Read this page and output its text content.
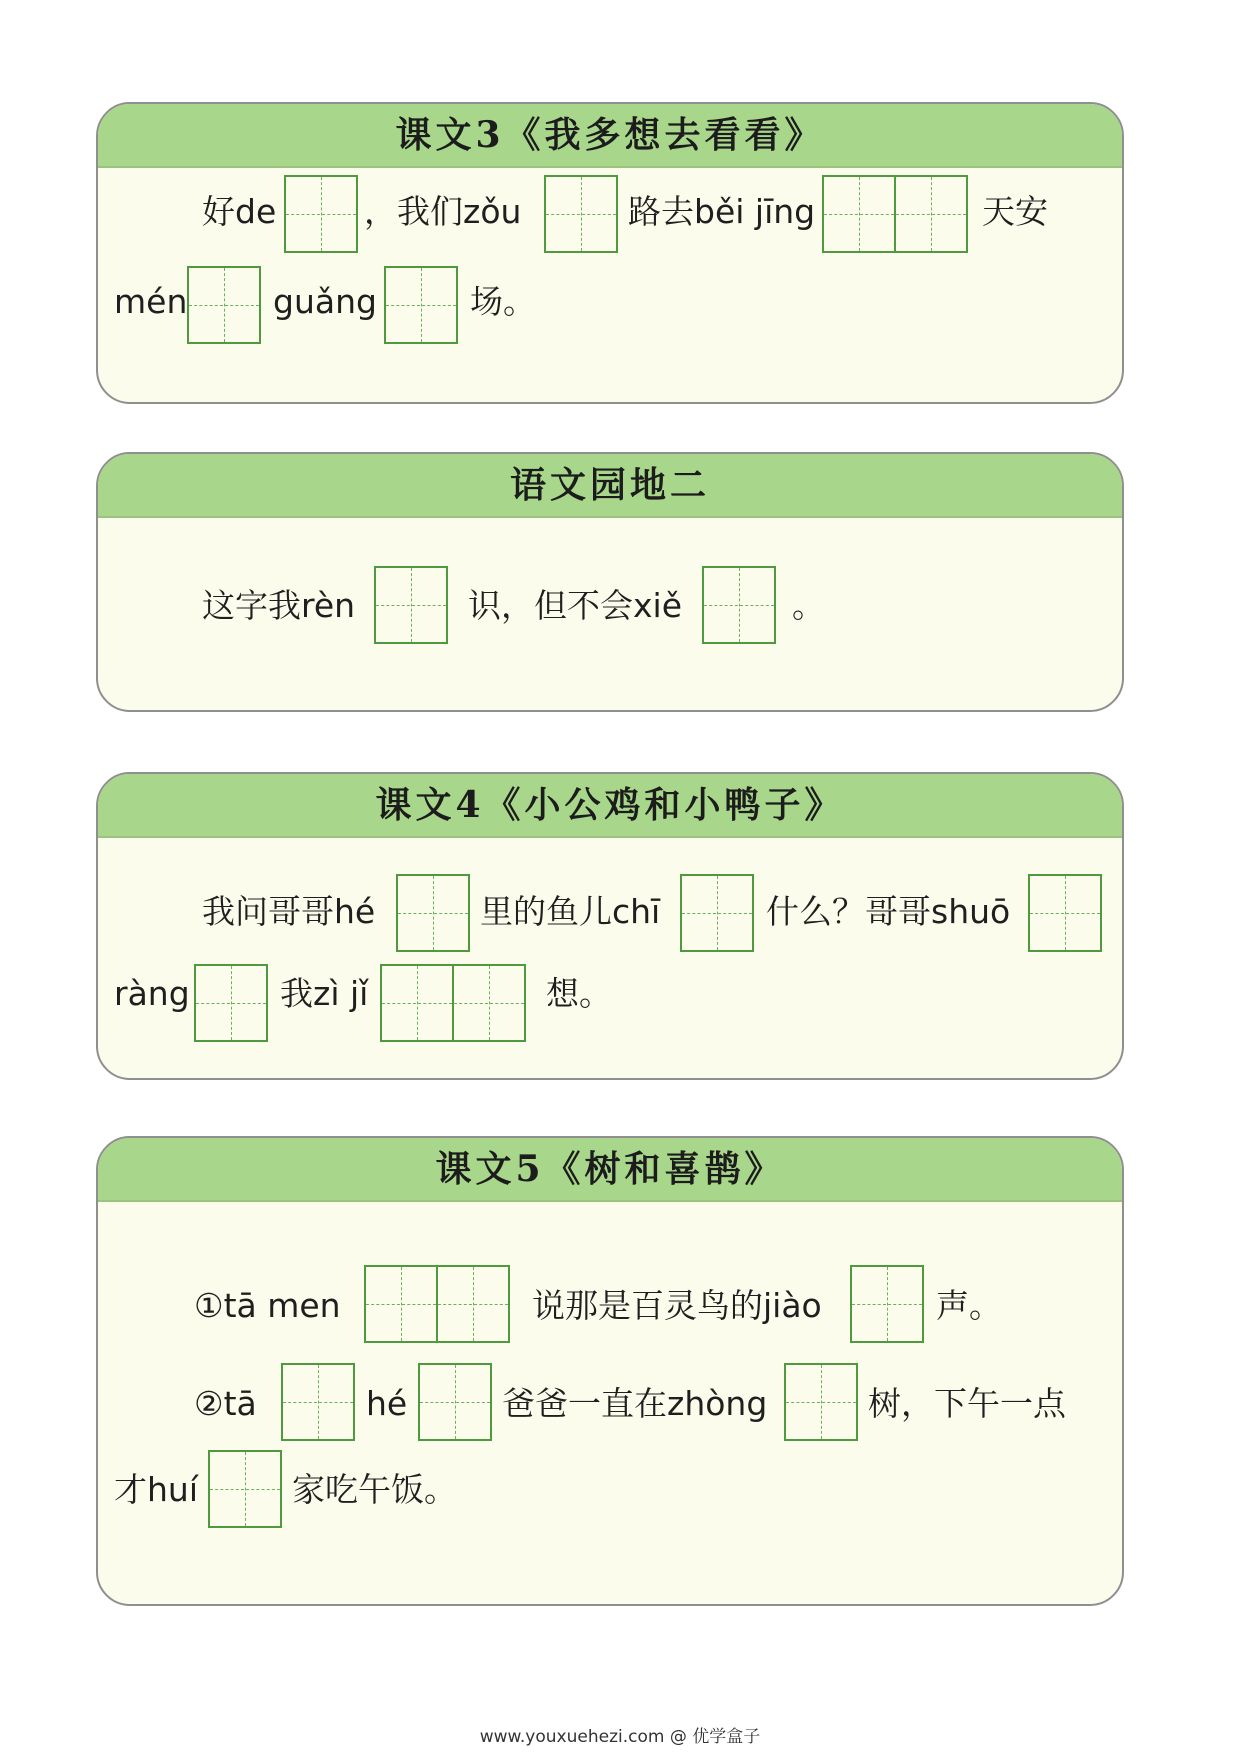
课文3《我多想去看看》
好de	，我们zǒu	路去běi jīng	天安
mén	guǎng	场。
语文园地二
这字我rèn	识，但不会xiě	。
课文4《小公鸡和小鸭子》
我问哥哥hé	里的鱼儿chī	什么？哥哥shuō
ràng	我zì jǐ	想。
课文5《树和喜鹊》
①tā men	说那是百灵鸟的jiào	声。
②tā	hé	爸爸一直在zhòng	树，下午一点
才huí	家吃午饭。
www.youxuehezi.com @ 优学盒子
